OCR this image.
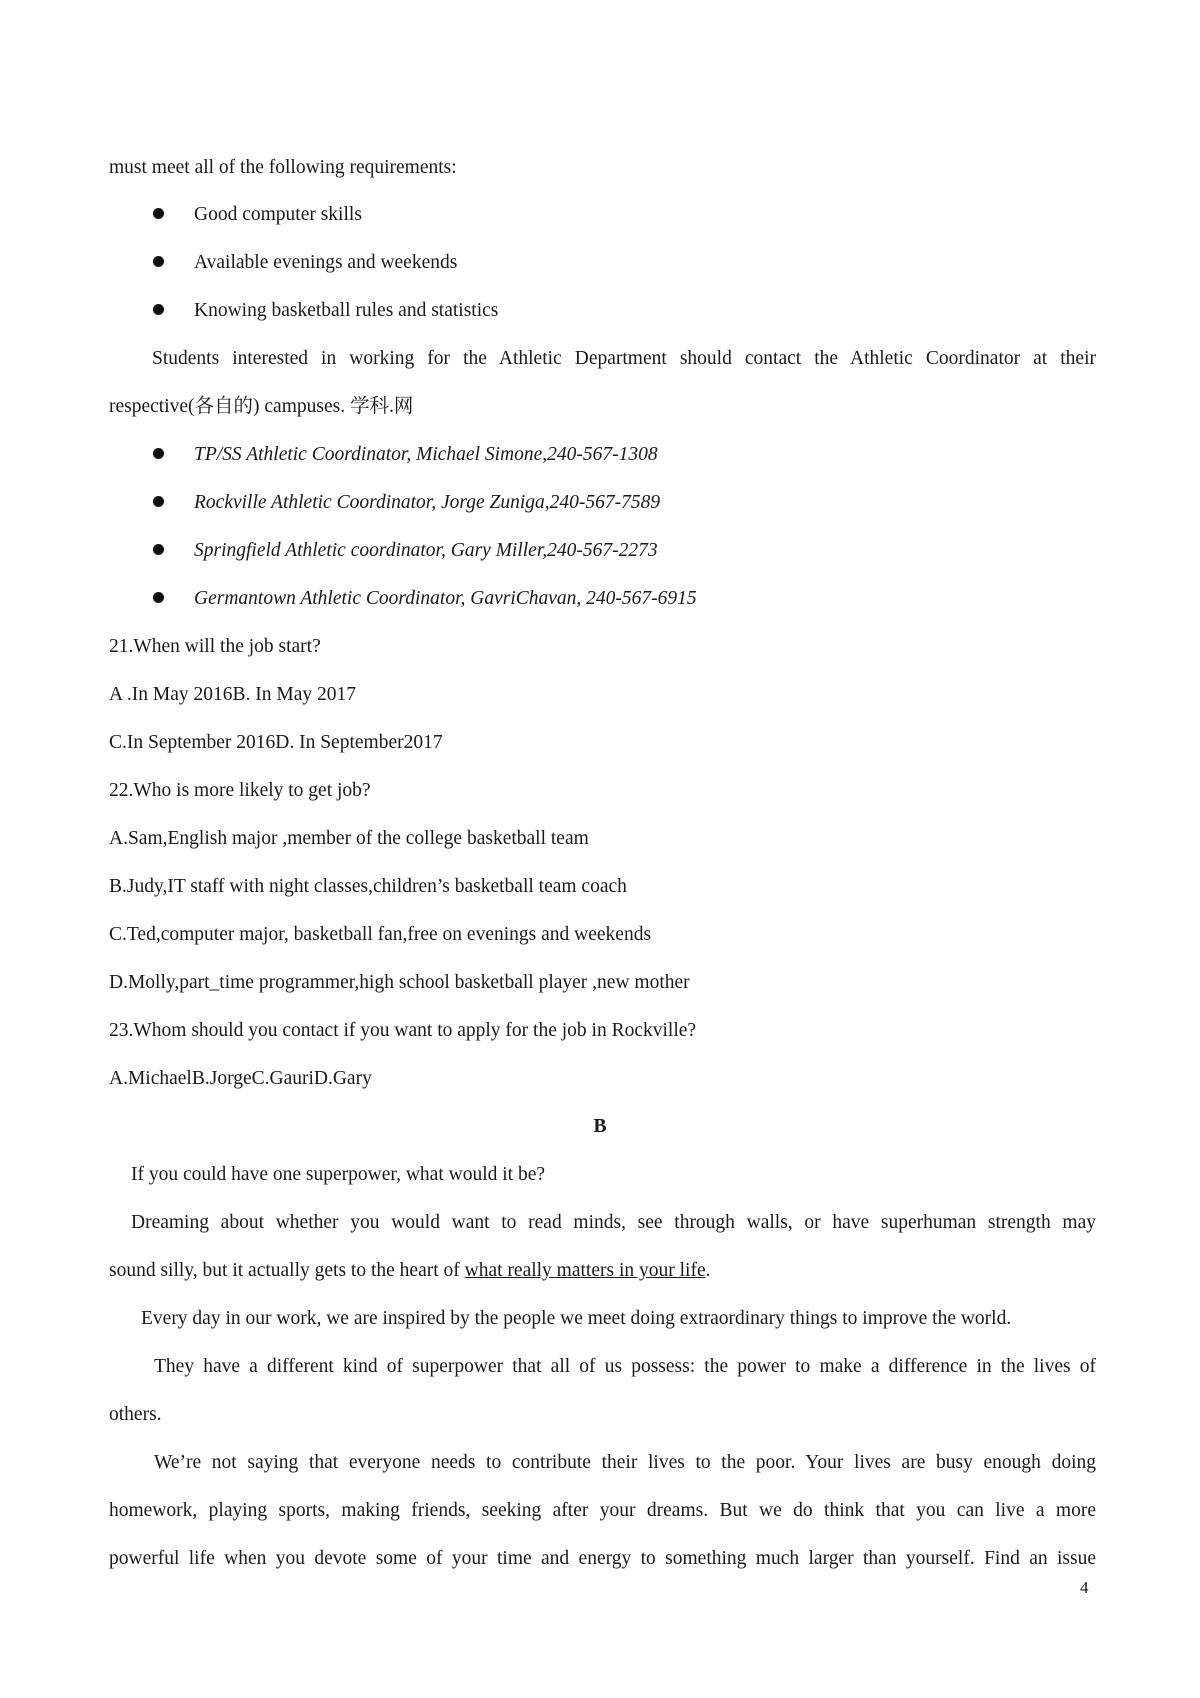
must meet all of the following requirements:
Good computer skills
Available evenings and weekends
Knowing basketball rules and statistics
Students interested in working for the Athletic Department should contact the Athletic Coordinator at their
respective(各自的) campuses. 学科.网
TP/SS Athletic Coordinator, Michael Simone,240-567-1308
Rockville Athletic Coordinator, Jorge Zuniga,240-567-7589
Springfield Athletic coordinator, Gary Miller,240-567-2273
Germantown Athletic Coordinator, GavriChavan, 240-567-6915
21.When will the job start?
A .In May 2016B. In May 2017
C.In September 2016D. In September2017
22.Who is more likely to get job?
A.Sam,English major ,member of the college basketball team
B.Judy,IT staff with night classes,children’s basketball team coach
C.Ted,computer major, basketball fan,free on evenings and weekends
D.Molly,part_time programmer,high school basketball player ,new mother
23.Whom should you contact if you want to apply for the job in Rockville?
A.MichaelB.JorgeC.GauriD.Gary
B
If you could have one superpower, what would it be?
Dreaming about whether you would want to read minds, see through walls, or have superhuman strength may
sound silly, but it actually gets to the heart of what really matters in your life.
Every day in our work, we are inspired by the people we meet doing extraordinary things to improve the world.
They have a different kind of superpower that all of us possess: the power to make a difference in the lives of
others.
We’re not saying that everyone needs to contribute their lives to the poor. Your lives are busy enough doing
homework, playing sports, making friends, seeking after your dreams. But we do think that you can live a more
powerful life when you devote some of your time and energy to something much larger than yourself. Find an issue
4
